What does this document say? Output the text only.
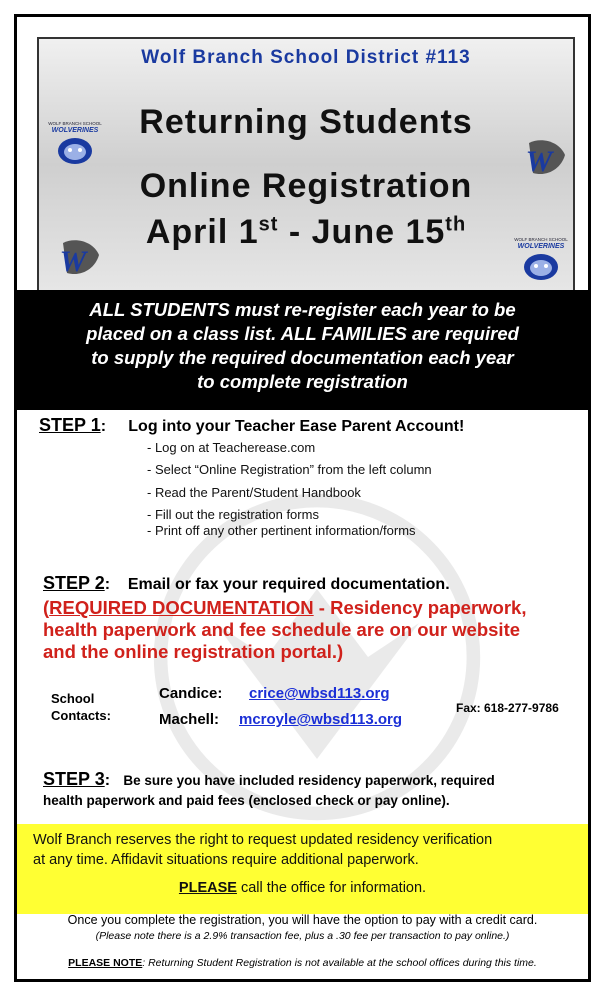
Wolf Branch School District #113
Returning Students
Online Registration
April 1st - June 15th
WOLF BRANCH SCHOOL
WOLVERINES
W
W
WOLF BRANCH SCHOOL
WOLVERINES
ALL STUDENTS must re-register each year to be
placed on a class list. ALL FAMILIES are required
to supply the required documentation each year
to complete registration
STEP 1:     Log into your Teacher Ease Parent Account!
- Log on at Teacherease.com
- Select “Online Registration” from the left column
- Read the Parent/Student Handbook
- Fill out the registration forms
- Print off any other pertinent information/forms
STEP 2:    Email or fax your required documentation.
(REQUIRED DOCUMENTATION - Residency paperwork,
health paperwork and fee schedule are on our website
and the online registration portal.)
School
Contacts:
Candice: crice@wbsd113.org
Machell: mcroyle@wbsd113.org
Fax: 618-277-9786
STEP 3:   Be sure you have included residency paperwork, required
health paperwork and paid fees (enclosed check or pay online).
Wolf Branch reserves the right to request updated residency verification
at any time. Affidavit situations require additional paperwork.
PLEASE call the office for information.
Once you complete the registration, you will have the option to pay with a credit card.
(Please note there is a 2.9% transaction fee, plus a .30 fee per transaction to pay online.)
PLEASE NOTE: Returning Student Registration is not available at the school offices during this time.
